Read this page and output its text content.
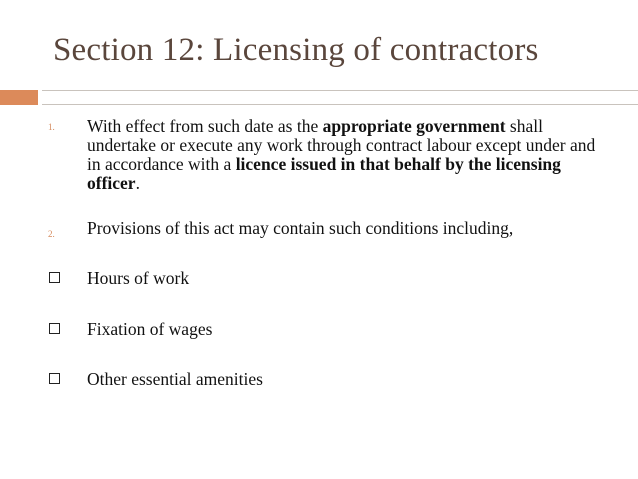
Section 12: Licensing of contractors
1. With effect from such date as the appropriate government shall undertake or execute any work through contract labour except under and in accordance with a licence issued in that behalf by the licensing officer.
2. Provisions of this act may contain such conditions including,
Hours of work
Fixation of wages
Other essential amenities
